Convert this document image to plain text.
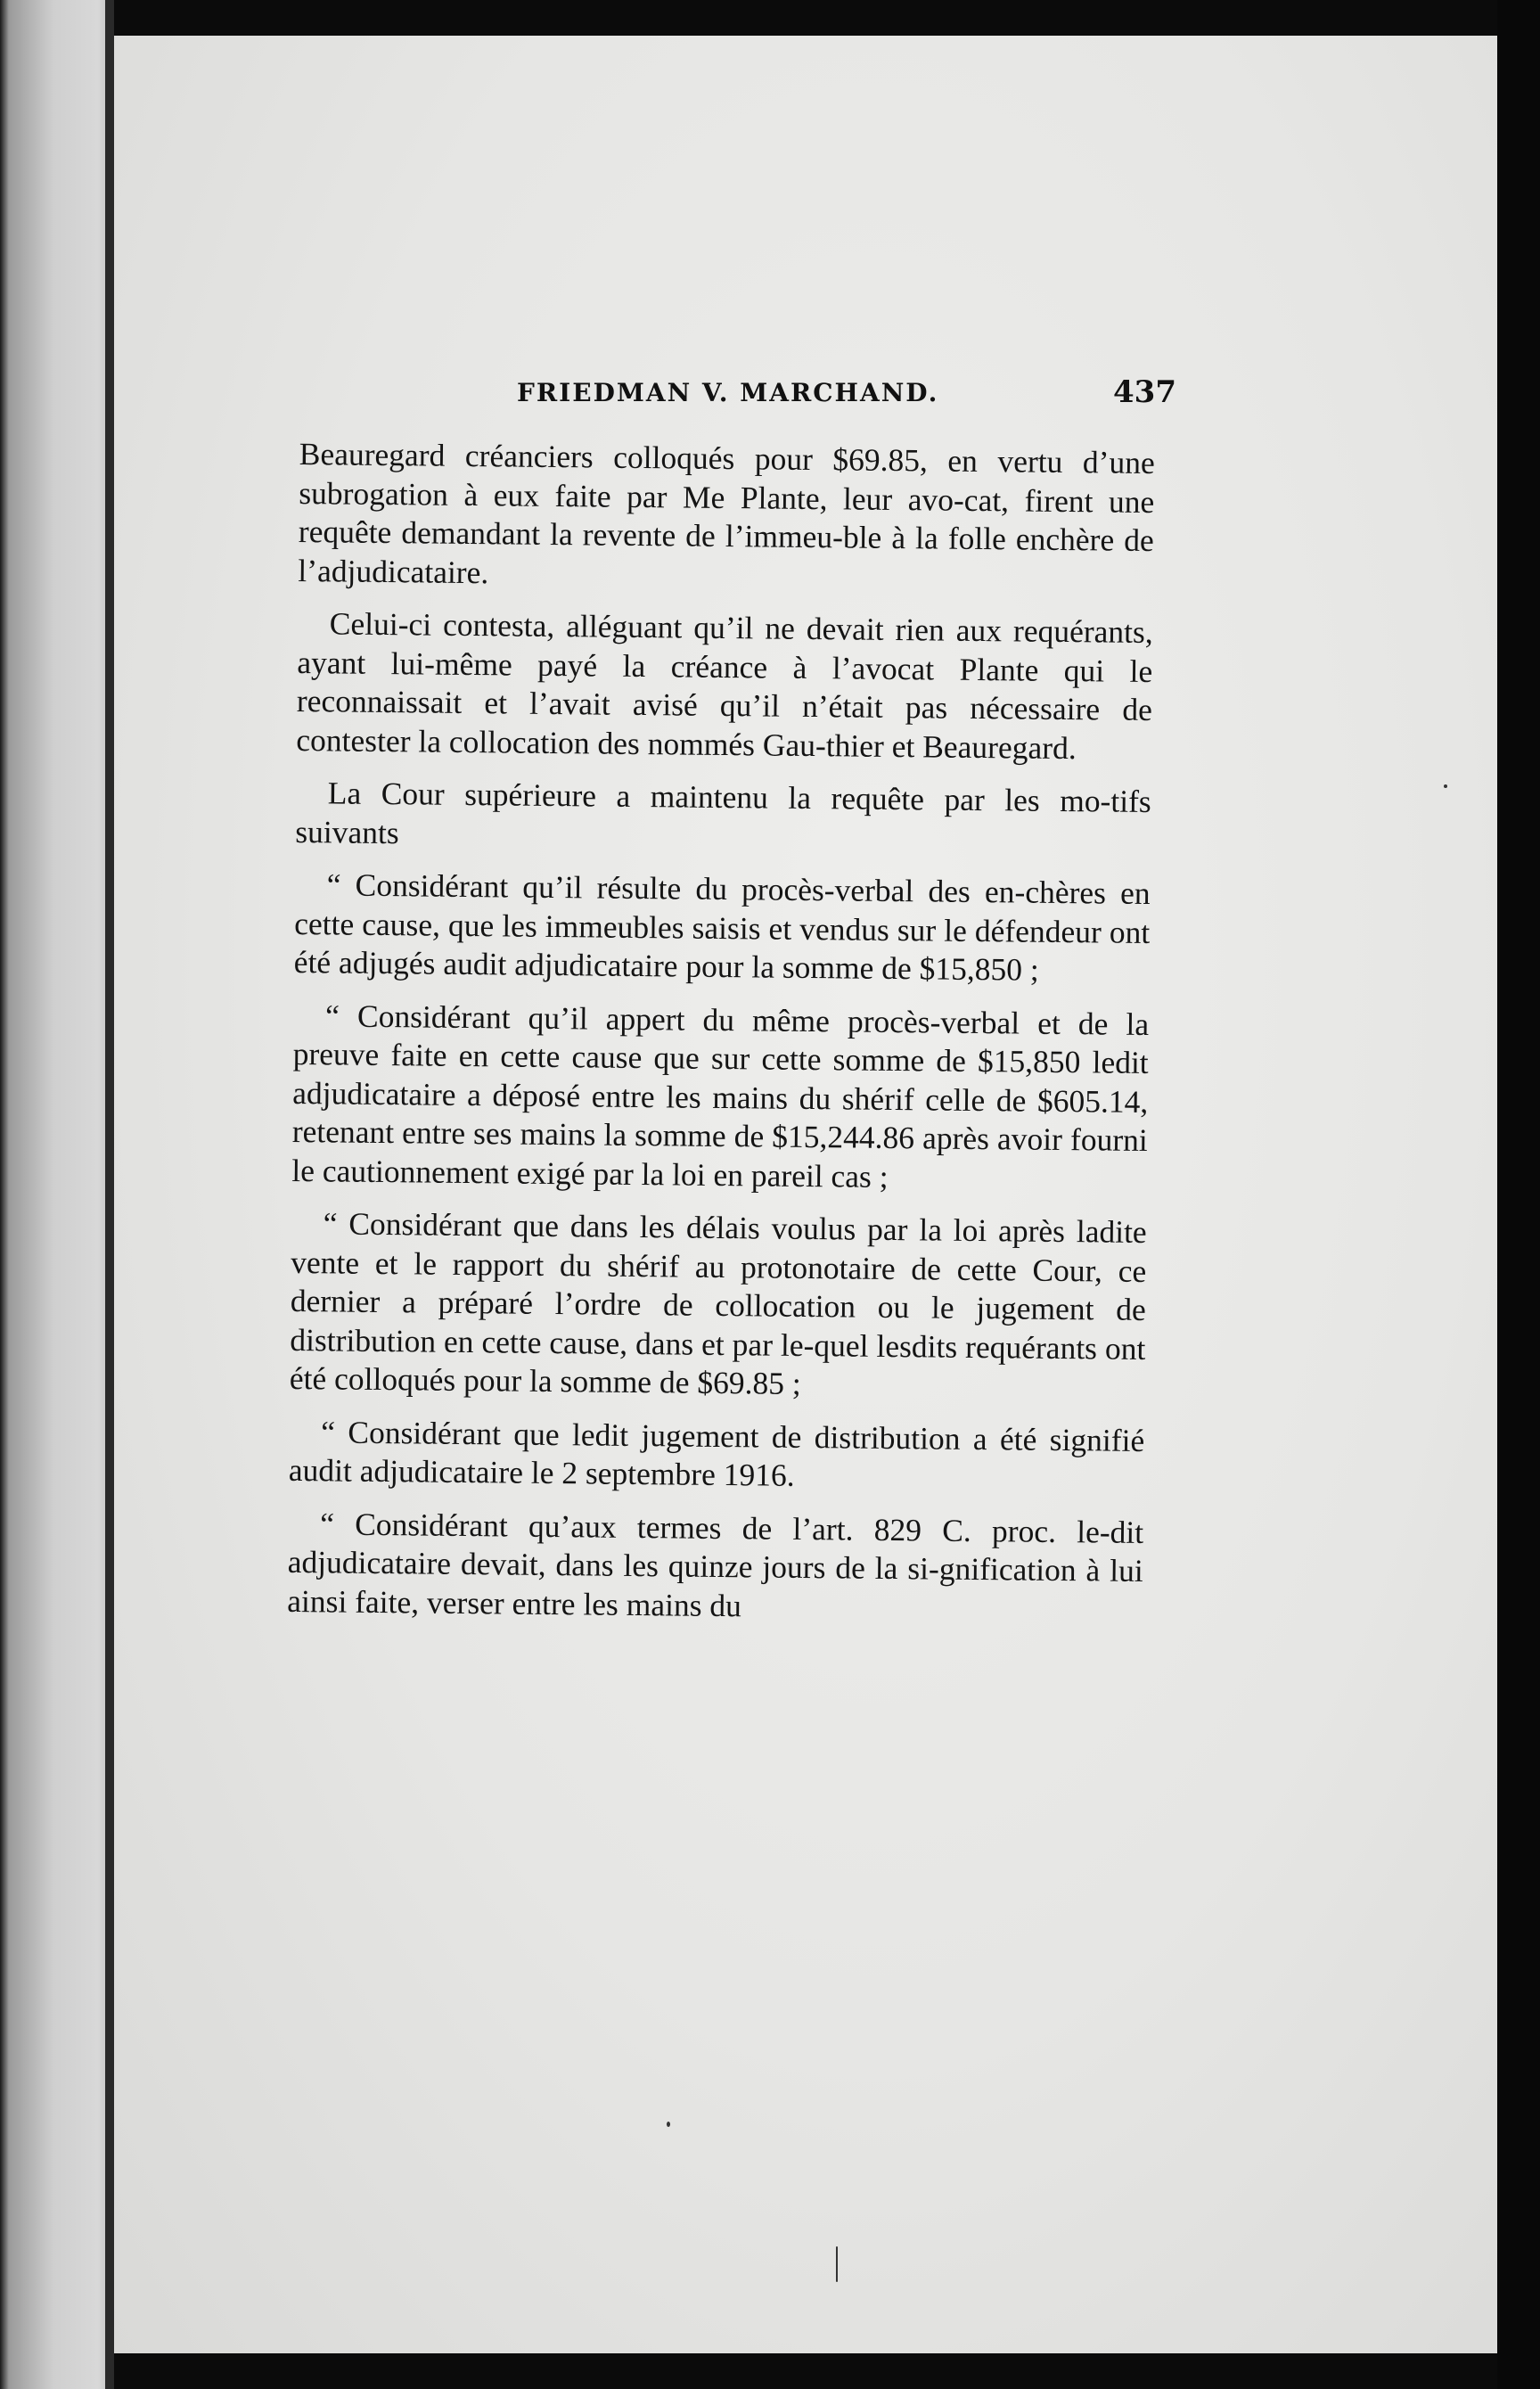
FRIEDMAN V. MARCHAND.	437

Beauregard créanciers colloqués pour $69.85, en vertu d’une subrogation à eux faite par Me Plante, leur avo-cat, firent une requête demandant la revente de l’immeu-ble à la folle enchère de l’adjudicataire.

Celui-ci contesta, alléguant qu’il ne devait rien aux requérants, ayant lui-même payé la créance à l’avocat Plante qui le reconnaissait et l’avait avisé qu’il n’était pas nécessaire de contester la collocation des nommés Gau-thier et Beauregard.

La Cour supérieure a maintenu la requête par les mo-tifs suivants

“ Considérant qu’il résulte du procès-verbal des en-chères en cette cause, que les immeubles saisis et vendus sur le défendeur ont été adjugés audit adjudicataire pour la somme de $15,850 ;

“ Considérant qu’il appert du même procès-verbal et de la preuve faite en cette cause que sur cette somme de $15,850 ledit adjudicataire a déposé entre les mains du shérif celle de $605.14, retenant entre ses mains la somme de $15,244.86 après avoir fourni le cautionnement exigé par la loi en pareil cas ;

“ Considérant que dans les délais voulus par la loi après ladite vente et le rapport du shérif au protonotaire de cette Cour, ce dernier a préparé l’ordre de collocation ou le jugement de distribution en cette cause, dans et par le-quel lesdits requérants ont été colloqués pour la somme de $69.85 ;

“ Considérant que ledit jugement de distribution a été signifié audit adjudicataire le 2 septembre 1916.

“ Considérant qu’aux termes de l’art. 829 C. proc. le-dit adjudicataire devait, dans les quinze jours de la si-gnification à lui ainsi faite, verser entre les mains du
